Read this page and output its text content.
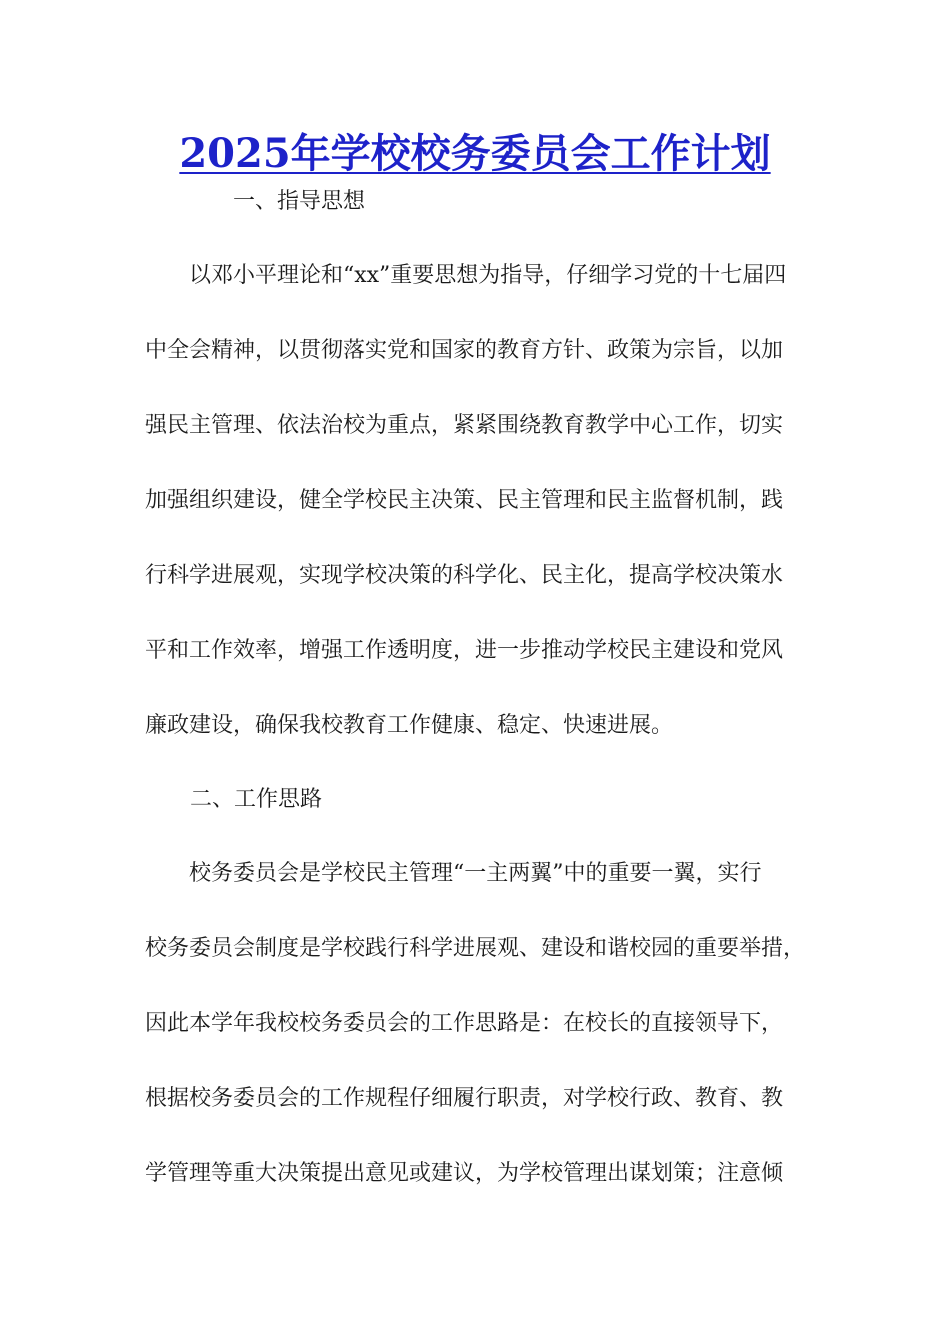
2025年学校校务委员会工作计划
一、指导思想
以邓小平理论和“xx”重要思想为指导，仔细学习党的十七届四
中全会精神，以贯彻落实党和国家的教育方针、政策为宗旨，以加
强民主管理、依法治校为重点，紧紧围绕教育教学中心工作，切实
加强组织建设，健全学校民主决策、民主管理和民主监督机制，践
行科学进展观，实现学校决策的科学化、民主化，提高学校决策水
平和工作效率，增强工作透明度，进一步推动学校民主建设和党风
廉政建设，确保我校教育工作健康、稳定、快速进展。
二、工作思路
校务委员会是学校民主管理“一主两翼”中的重要一翼，实行
校务委员会制度是学校践行科学进展观、建设和谐校园的重要举措，
因此本学年我校校务委员会的工作思路是：在校长的直接领导下，
根据校务委员会的工作规程仔细履行职责，对学校行政、教育、教
学管理等重大决策提出意见或建议，为学校管理出谋划策；注意倾
